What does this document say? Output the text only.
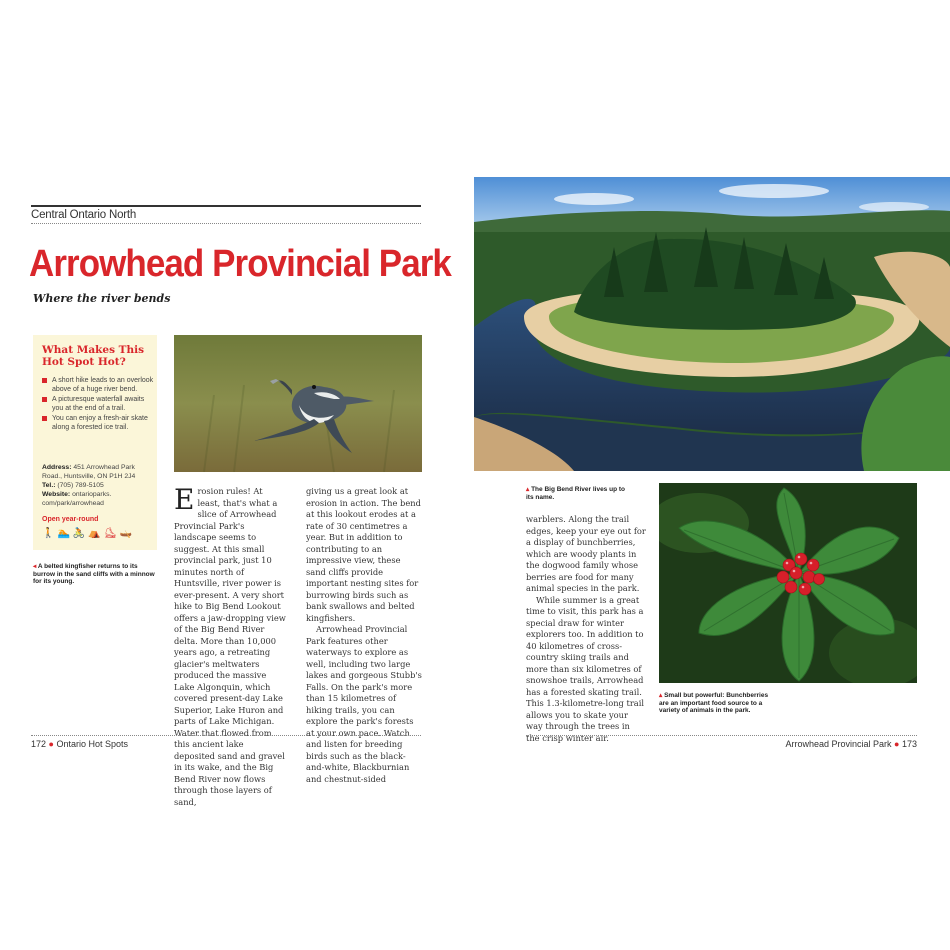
Central Ontario North
Arrowhead Provincial Park
Where the river bends
What Makes This Hot Spot Hot?
A short hike leads to an overlook above of a huge river bend.
A picturesque waterfall awaits you at the end of a trail.
You can enjoy a fresh-air skate along a forested ice trail.
Address: 451 Arrowhead Park Road., Huntsville, ON P1H 2J4
Tel.: (705) 789-5105
Website: ontarioparks. com/park/arrowhead
Open year-round
🚶 🏊 🚴 ⛺ ⛸ 🛶
◂ A belted kingfisher returns to its burrow in the sand cliffs with a minnow for its young.

Erosion rules! At least, that's what a slice of Arrowhead Provincial Park's landscape seems to suggest. At this small provincial park, just 10 minutes north of Huntsville, river power is ever-present. A very short hike to Big Bend Lookout offers a jaw-dropping view of the Big Bend River delta. More than 10,000 years ago, a retreating glacier's meltwaters produced the massive Lake Algonquin, which covered present-day Lake Superior, Lake Huron and parts of Lake Michigan. Water that flowed from this ancient lake deposited sand and gravel in its wake, and the Big Bend River now flows through those layers of sand,

giving us a great look at erosion in action. The bend at this lookout erodes at a rate of 30 centimetres a year. But in addition to contributing to an impressive view, these sand cliffs provide important nesting sites for burrowing birds such as bank swallows and belted kingfishers.

Arrowhead Provincial Park features other waterways to explore as well, including two large lakes and gorgeous Stubb's Falls. On the park's more than 15 kilometres of hiking trails, you can explore the park's forests at your own pace. Watch and listen for breeding birds such as the black-and-white, Blackburnian and chestnut-sided

172 ● Ontario Hot Spots
▴ The Big Bend River lives up to its name.

warblers. Along the trail edges, keep your eye out for a display of bunchberries, which are woody plants in the dogwood family whose berries are food for many animal species in the park.

While summer is a great time to visit, this park has a special draw for winter explorers too. In addition to 40 kilometres of cross-country skiing trails and more than six kilometres of snowshoe trails, Arrowhead has a forested skating trail. This 1.3-kilometre-long trail allows you to skate your way through the trees in the crisp winter air.

▴ Small but powerful: Bunchberries are an important food source to a variety of animals in the park.
Arrowhead Provincial Park ● 173
